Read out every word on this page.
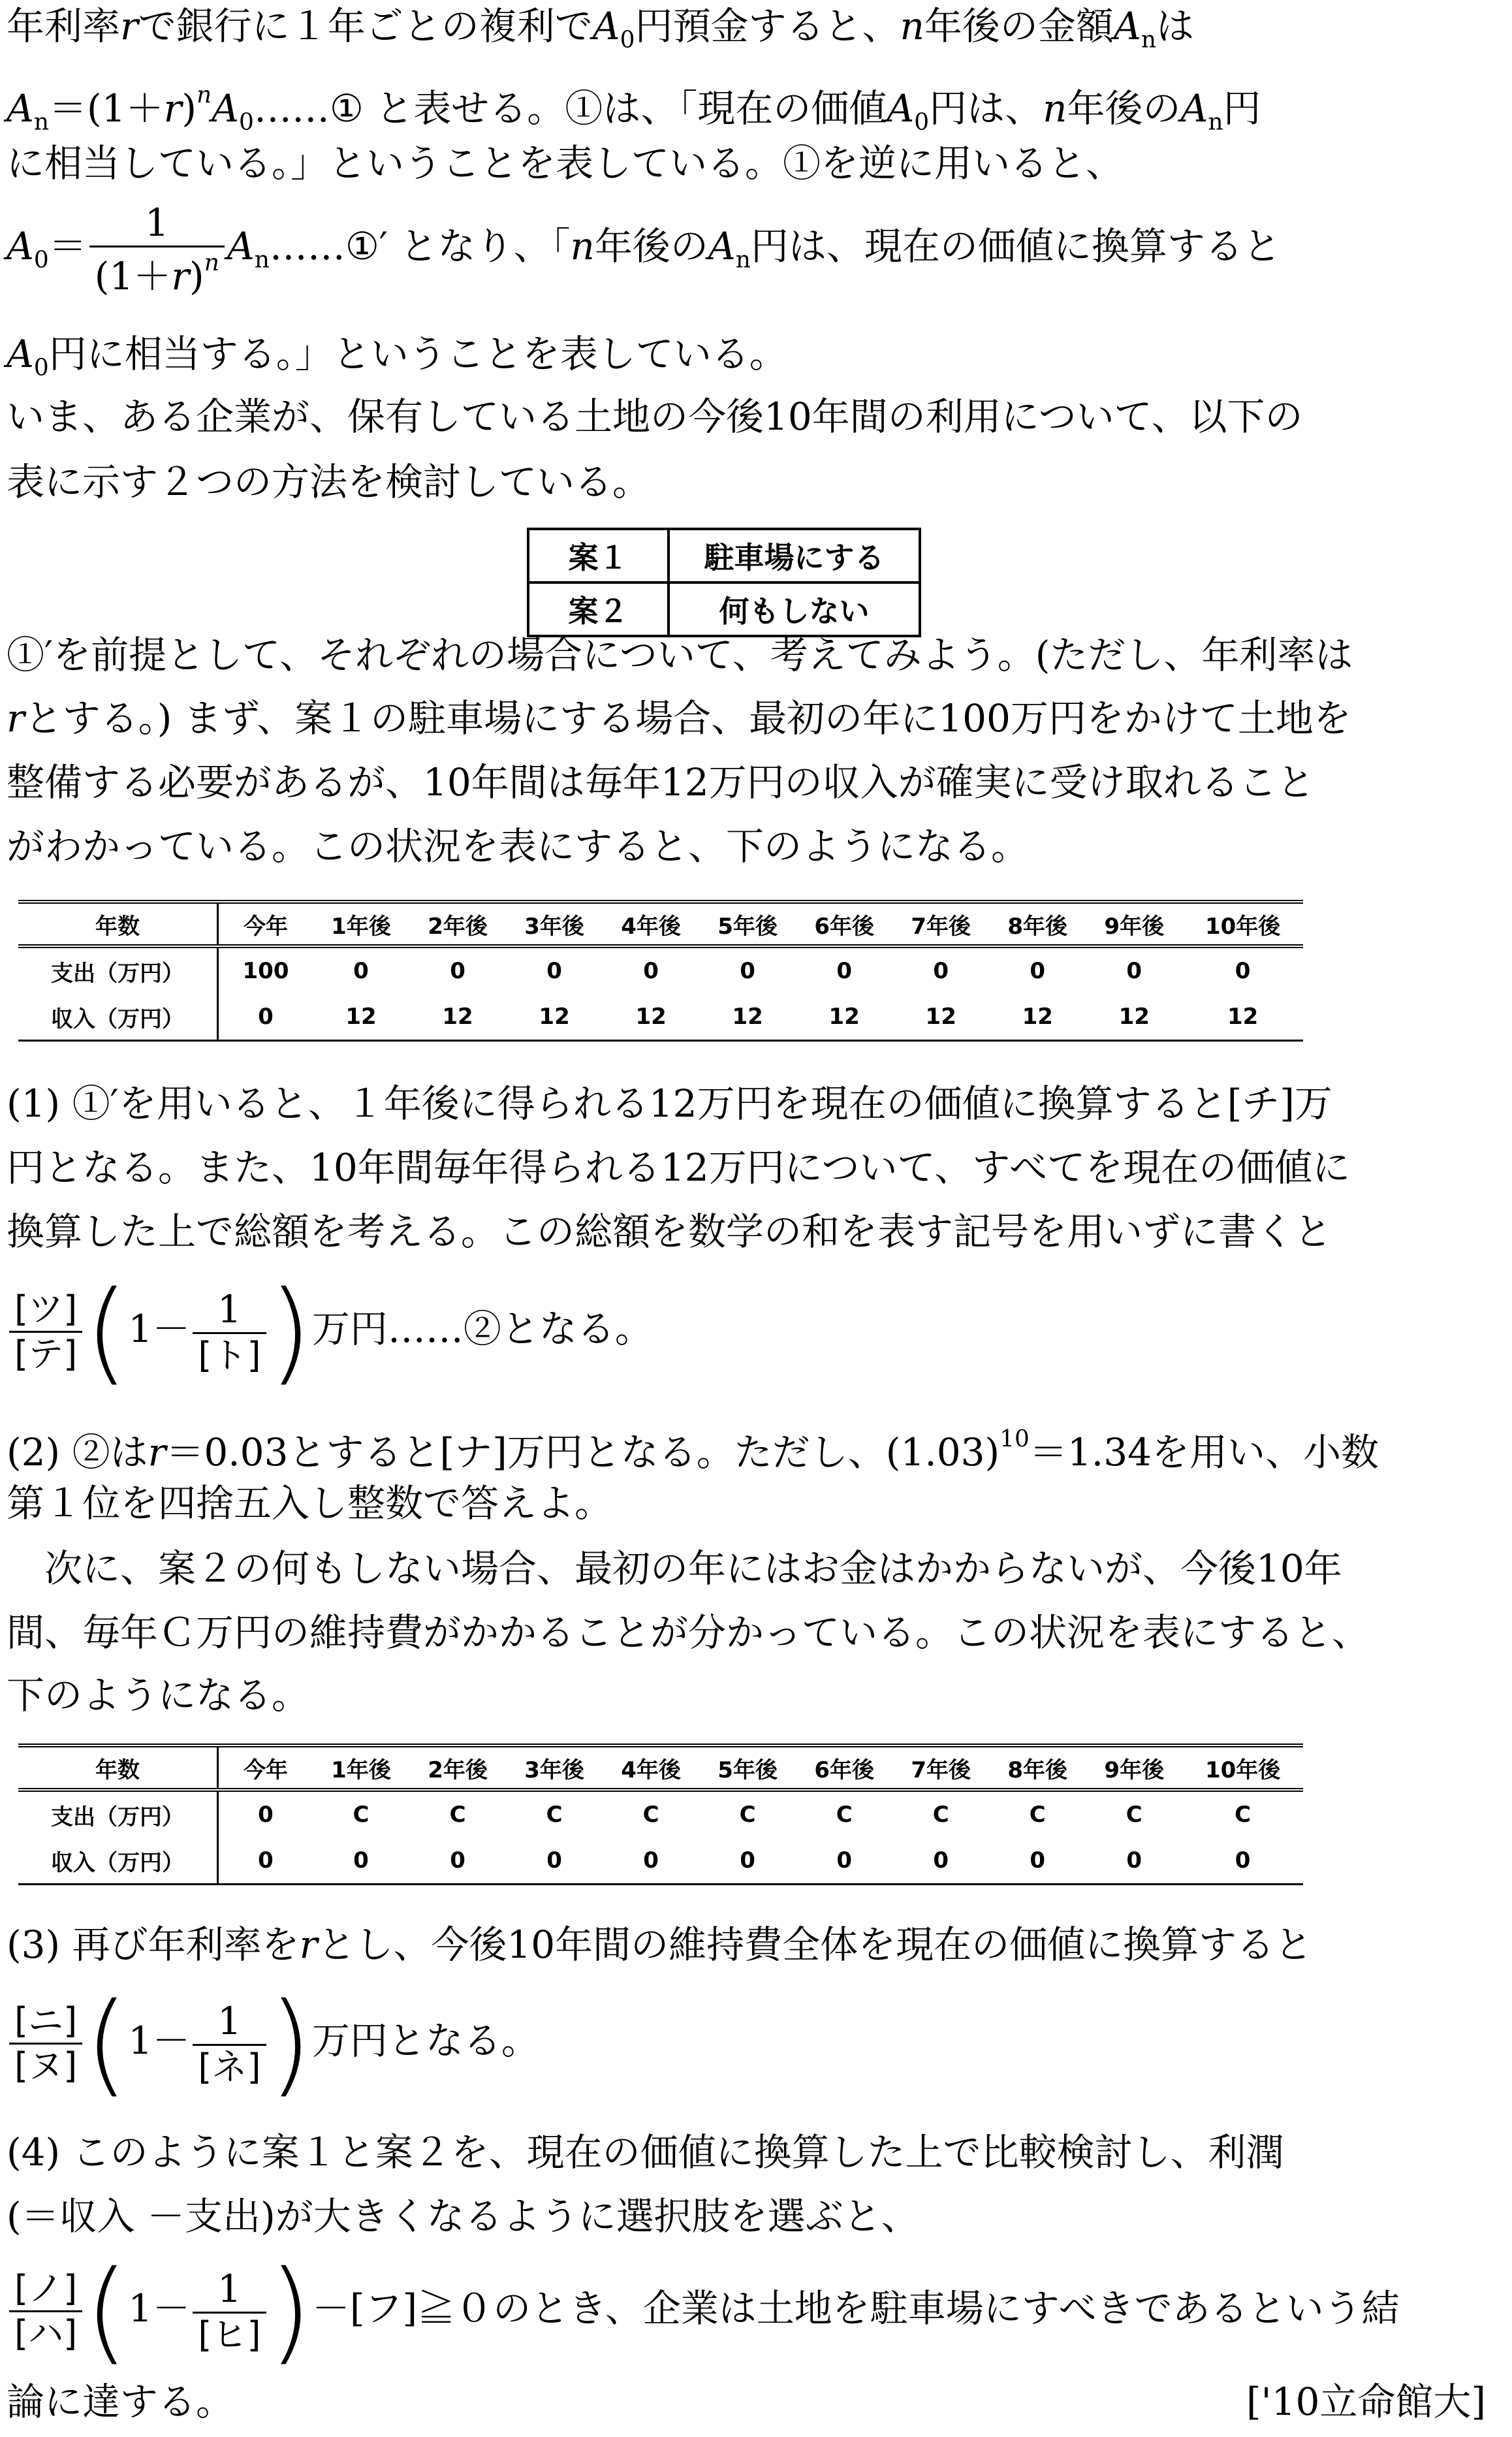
年利率rで銀行に１年ごとの複利で$A_0$円預金すると、n年後の金額$A_n$は
$A_n=(1+r)^nA_0\dots\dots ①$ と表せる。①は、「現在の価値$A_0$円は、n年後の$A_n$円
に相当している。」ということを表している。①を逆に用いると、
$A_0= \frac{1}{(1+r)^n}$ $A_n\dots\dots ①'$ となり、「n年後の$A_n$円は、現在の価値に換算すると
$A_0$円に相当する。」ということを表している。
いま、ある企業が、保有している土地の今後10年間の利用について、以下の
表に示す２つの方法を検討している。
案１	駐車場にする
案２	何もしない
①′を前提として、それぞれの場合について、考えてみよう。(ただし、年利率は
rとする。) まず、案１の駐車場にする場合、最初の年に100万円をかけて土地を
整備する必要があるが、10年間は毎年12万円の収入が確実に受け取れること
がわかっている。この状況を表にすると、下のようになる。
年数	今年	1年後	2年後	3年後	4年後	5年後	6年後	7年後	8年後	9年後	10年後
支出（万円）	100	0	0	0	0	0	0	0	0	0	0
収入（万円）	0	12	12	12	12	12	12	12	12	12	12
(1) ①′を用いると、１年後に得られる12万円を現在の価値に換算すると[チ]万
円となる。また、10年間毎年得られる12万円について、すべてを現在の価値に
換算した上で総額を考える。この総額を数学の和を表す記号を用いずに書くと
$\frac{\text{[ツ]}}{\text{[テ]}} (1- \frac{1}{\text{[ト]}}$ )万円……②となる。
(2) ②はr＝0.03とすると[ナ]万円となる。ただし、$(1.03)^{10}=1.34$を用い、小数
第１位を四捨五入し整数で答えよ。
　次に、案２の何もしない場合、最初の年にはお金はかからないが、今後10年
間、毎年Ｃ万円の維持費がかかることが分かっている。この状況を表にすると、
下のようになる。
年数	今年	1年後	2年後	3年後	4年後	5年後	6年後	7年後	8年後	9年後	10年後
支出（万円）	0	C	C	C	C	C	C	C	C	C	C
収入（万円）	0	0	0	0	0	0	0	0	0	0	0
(3) 再び年利率をrとし、今後10年間の維持費全体を現在の価値に換算すると
$\frac{\text{[ニ]}}{\text{[ヌ]}} (1- \frac{1}{\text{[ネ]}}$ )万円となる。
(4) このように案１と案２を、現在の価値に換算した上で比較検討し、利潤
(＝収入 －支出)が大きくなるように選択肢を選ぶと、
$\frac{\text{[ノ]}}{\text{[ハ]}} (1- \frac{1}{\text{[ヒ]}}$ )－[フ]≧０のとき、企業は土地を駐車場にすべきであるという結
論に達する。	['10立命館大]
